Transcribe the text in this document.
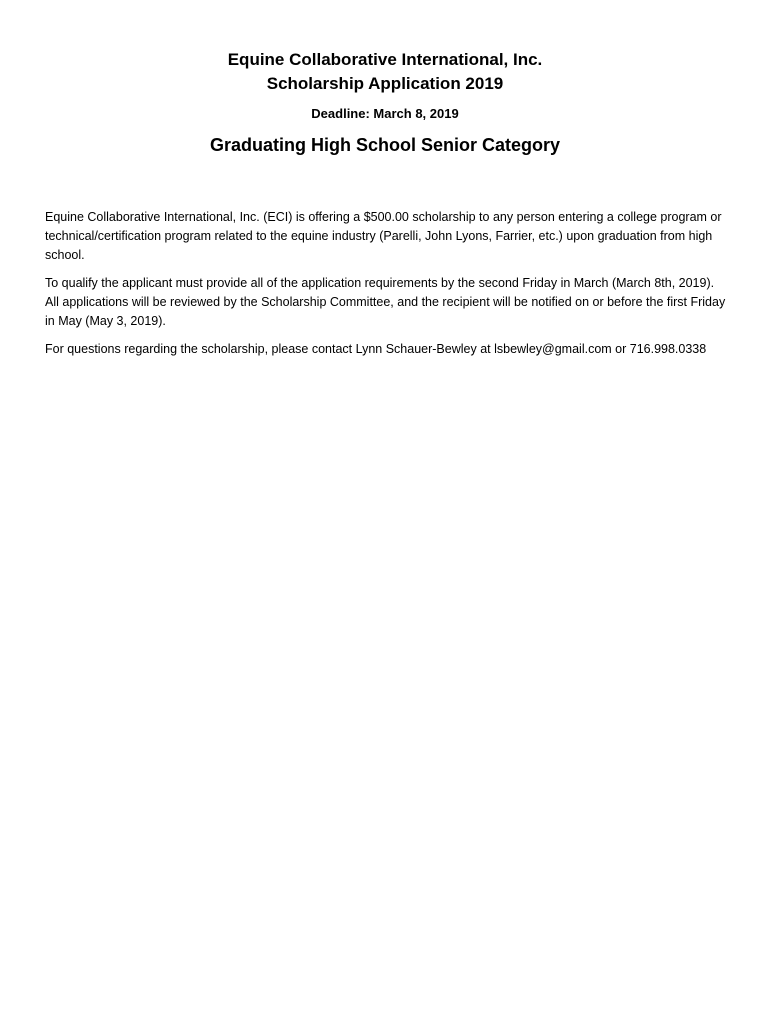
Equine Collaborative International, Inc.
Scholarship Application 2019
Deadline: March 8, 2019
Graduating High School Senior Category

Equine Collaborative International, Inc. (ECI) is offering a $500.00 scholarship to any person entering a college program or technical/certification program related to the equine industry (Parelli, John Lyons, Farrier, etc.) upon graduation from high school.

To qualify the applicant must provide all of the application requirements by the second Friday in March (March 8th, 2019). All applications will be reviewed by the Scholarship Committee, and the recipient will be notified on or before the first Friday in May (May 3, 2019).

For questions regarding the scholarship, please contact Lynn Schauer-Bewley at lsbewley@gmail.com or 716.998.0338
